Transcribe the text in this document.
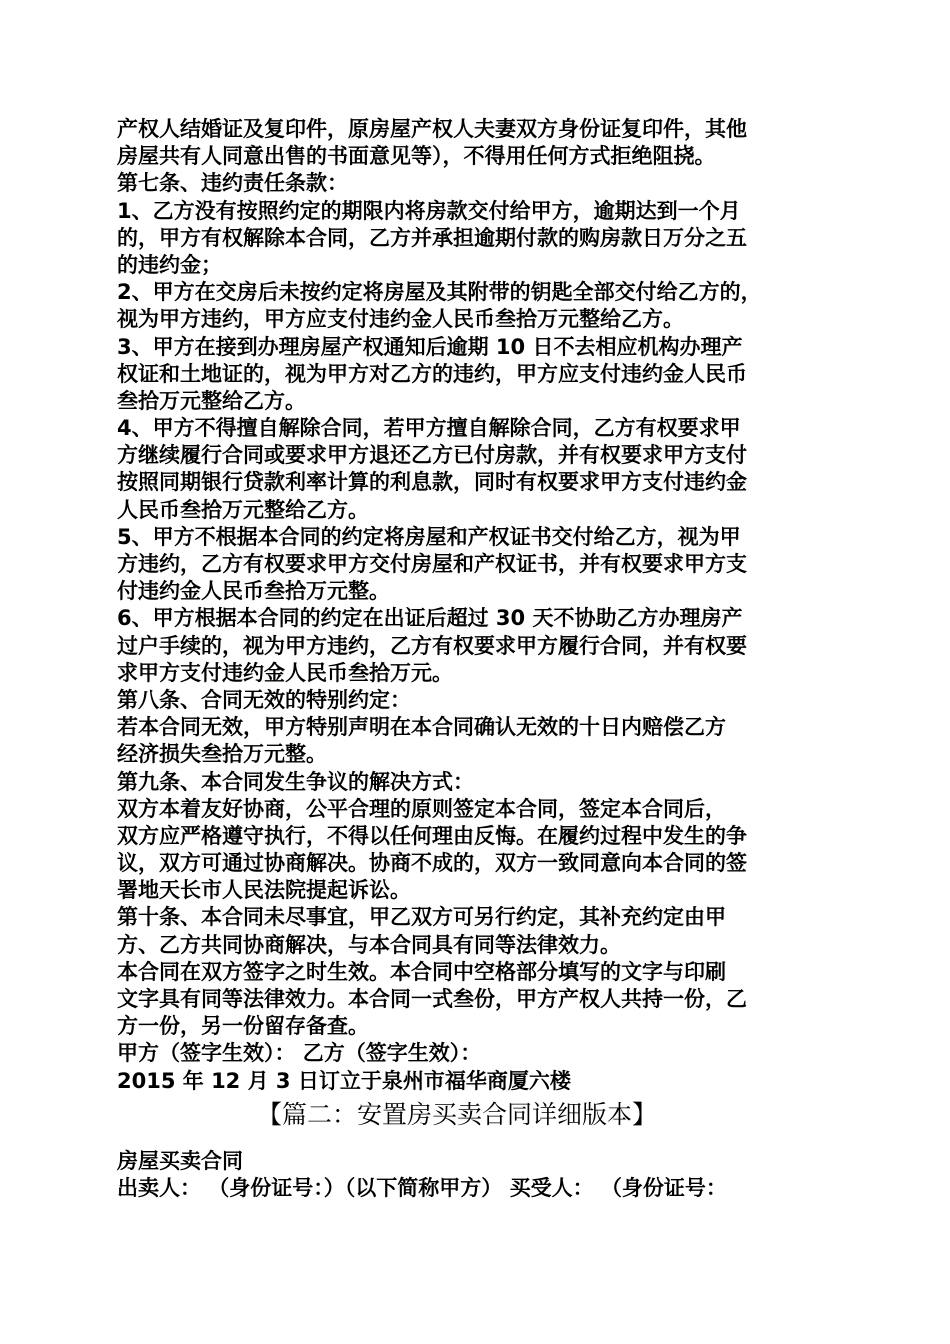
产权人结婚证及复印件，原房屋产权人夫妻双方身份证复印件，其他
房屋共有人同意出售的书面意见等），不得用任何方式拒绝阻挠。
第七条、违约责任条款：
1、乙方没有按照约定的期限内将房款交付给甲方，逾期达到一个月
的，甲方有权解除本合同，乙方并承担逾期付款的购房款日万分之五
的违约金；
2、甲方在交房后未按约定将房屋及其附带的钥匙全部交付给乙方的，
视为甲方违约，甲方应支付违约金人民币叁拾万元整给乙方。
3、甲方在接到办理房屋产权通知后逾期 10 日不去相应机构办理产
权证和土地证的，视为甲方对乙方的违约，甲方应支付违约金人民币
叁拾万元整给乙方。
4、甲方不得擅自解除合同，若甲方擅自解除合同，乙方有权要求甲
方继续履行合同或要求甲方退还乙方已付房款，并有权要求甲方支付
按照同期银行贷款利率计算的利息款，同时有权要求甲方支付违约金
人民币叁拾万元整给乙方。
5、甲方不根据本合同的约定将房屋和产权证书交付给乙方，视为甲
方违约，乙方有权要求甲方交付房屋和产权证书，并有权要求甲方支
付违约金人民币叁拾万元整。
6、甲方根据本合同的约定在出证后超过 30 天不协助乙方办理房产
过户手续的，视为甲方违约，乙方有权要求甲方履行合同，并有权要
求甲方支付违约金人民币叁拾万元。
第八条、合同无效的特别约定：
若本合同无效，甲方特别声明在本合同确认无效的十日内赔偿乙方
经济损失叁拾万元整。
第九条、本合同发生争议的解决方式：
双方本着友好协商，公平合理的原则签定本合同，签定本合同后，
双方应严格遵守执行，不得以任何理由反悔。在履约过程中发生的争
议，双方可通过协商解决。协商不成的，双方一致同意向本合同的签
署地天长市人民法院提起诉讼。
第十条、本合同未尽事宜，甲乙双方可另行约定，其补充约定由甲
方、乙方共同协商解决，与本合同具有同等法律效力。
本合同在双方签字之时生效。本合同中空格部分填写的文字与印刷
文字具有同等法律效力。本合同一式叁份，甲方产权人共持一份，乙
方一份，另一份留存备查。
甲方（签字生效）： 乙方（签字生效）：
2015 年 12 月 3 日订立于泉州市福华商厦六楼
【篇二：安置房买卖合同详细版本】
房屋买卖合同
出卖人： （身份证号：）（以下简称甲方） 买受人： （身份证号：
